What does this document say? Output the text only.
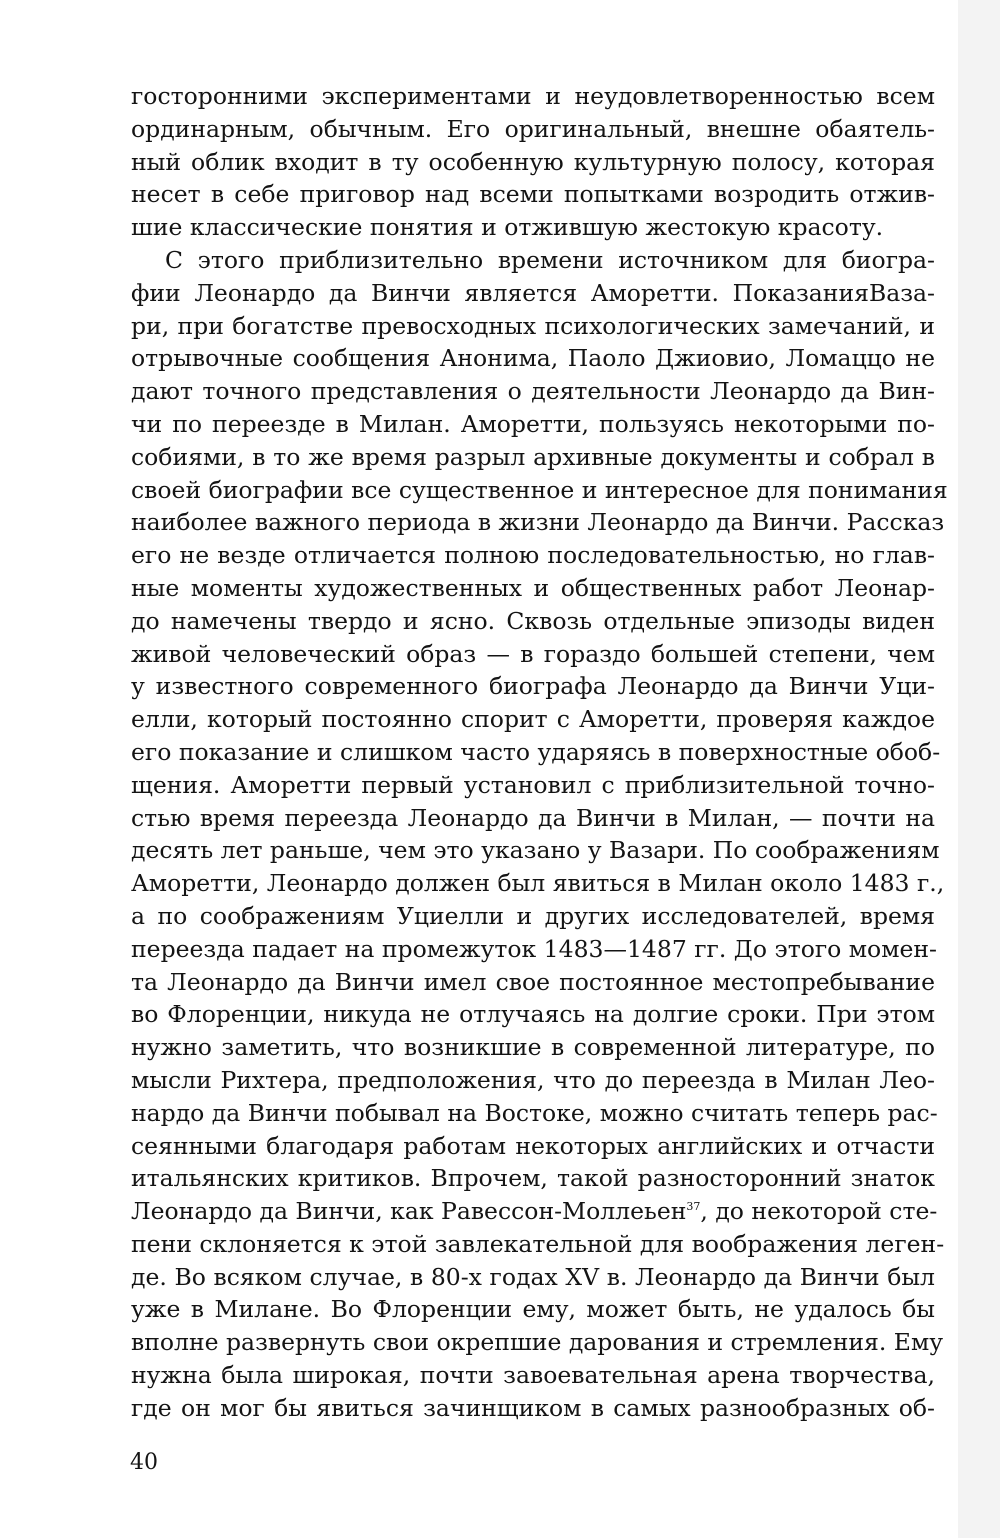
госторонними экспериментами и неудовлетворенностью всем
ординарным, обычным. Его оригинальный, внешне обаятель-
ный облик входит в ту особенную культурную полосу, которая
несет в себе приговор над всеми попытками возродить отжив-
шие классические понятия и отжившую жестокую красоту.

С этого приблизительно времени источником для биогра-
фии Леонардо да Винчи является Аморетти. ПоказанияВаза-
ри, при богатстве превосходных психологических замечаний, и
отрывочные сообщения Анонима, Паоло Джиовио, Ломаццо не
дают точного представления о деятельности Леонардо да Вин-
чи по переезде в Милан. Аморетти, пользуясь некоторыми по-
собиями, в то же время разрыл архивные документы и собрал в
своей биографии все существенное и интересное для понимания
наиболее важного периода в жизни Леонардо да Винчи. Рассказ
его не везде отличается полною последовательностью, но глав-
ные моменты художественных и общественных работ Леонар-
до намечены твердо и ясно. Сквозь отдельные эпизоды виден
живой человеческий образ — в гораздо большей степени, чем
у известного современного биографа Леонардо да Винчи Уци-
елли, который постоянно спорит с Аморетти, проверяя каждое
его показание и слишком часто ударяясь в поверхностные обоб-
щения. Аморетти первый установил с приблизительной точно-
стью время переезда Леонардо да Винчи в Милан, — почти на
десять лет раньше, чем это указано у Вазари. По соображениям
Аморетти, Леонардо должен был явиться в Милан около 1483 г.,
а по соображениям Уциелли и других исследователей, время
переезда падает на промежуток 1483—1487 гг. До этого момен-
та Леонардо да Винчи имел свое постоянное местопребывание
во Флоренции, никуда не отлучаясь на долгие сроки. При этом
нужно заметить, что возникшие в современной литературе, по
мысли Рихтера, предположения, что до переезда в Милан Лео-
нардо да Винчи побывал на Востоке, можно считать теперь рас-
сеянными благодаря работам некоторых английских и отчасти
итальянских критиков. Впрочем, такой разносторонний знаток
Леонардо да Винчи, как Равессон-Моллеьен$^{37}$, до некоторой сте-
пени склоняется к этой завлекательной для воображения леген-
де. Во всяком случае, в 80-х годах XV в. Леонардо да Винчи был
уже в Милане. Во Флоренции ему, может быть, не удалось бы
вполне развернуть свои окрепшие дарования и стремления. Ему
нужна была широкая, почти завоевательная арена творчества,
где он мог бы явиться зачинщиком в самых разнообразных об-

40
